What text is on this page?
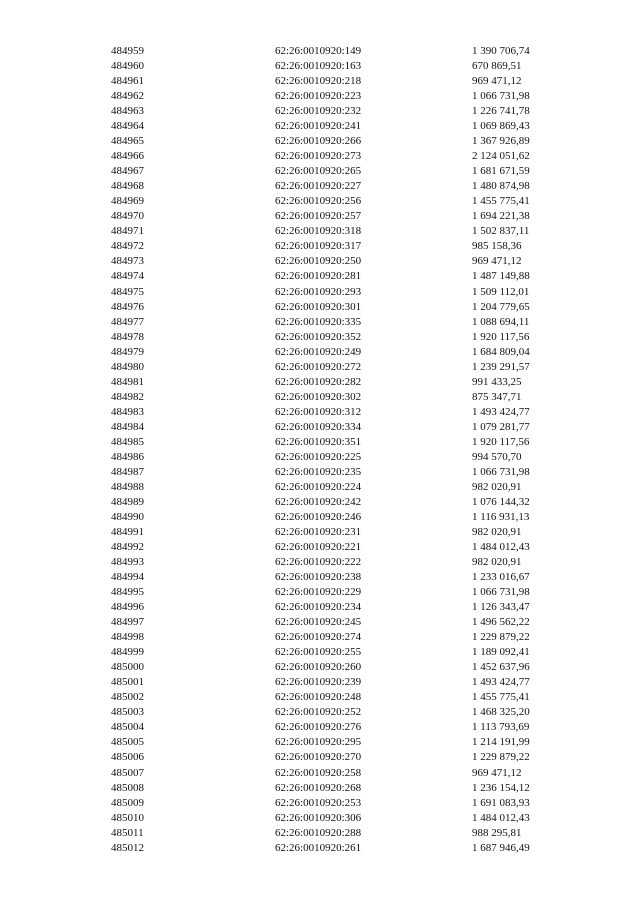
484959	62:26:0010920:149	1 390 706,74
484960	62:26:0010920:163	670 869,51
484961	62:26:0010920:218	969 471,12
484962	62:26:0010920:223	1 066 731,98
484963	62:26:0010920:232	1 226 741,78
484964	62:26:0010920:241	1 069 869,43
484965	62:26:0010920:266	1 367 926,89
484966	62:26:0010920:273	2 124 051,62
484967	62:26:0010920:265	1 681 671,59
484968	62:26:0010920:227	1 480 874,98
484969	62:26:0010920:256	1 455 775,41
484970	62:26:0010920:257	1 694 221,38
484971	62:26:0010920:318	1 502 837,11
484972	62:26:0010920:317	985 158,36
484973	62:26:0010920:250	969 471,12
484974	62:26:0010920:281	1 487 149,88
484975	62:26:0010920:293	1 509 112,01
484976	62:26:0010920:301	1 204 779,65
484977	62:26:0010920:335	1 088 694,11
484978	62:26:0010920:352	1 920 117,56
484979	62:26:0010920:249	1 684 809,04
484980	62:26:0010920:272	1 239 291,57
484981	62:26:0010920:282	991 433,25
484982	62:26:0010920:302	875 347,71
484983	62:26:0010920:312	1 493 424,77
484984	62:26:0010920:334	1 079 281,77
484985	62:26:0010920:351	1 920 117,56
484986	62:26:0010920:225	994 570,70
484987	62:26:0010920:235	1 066 731,98
484988	62:26:0010920:224	982 020,91
484989	62:26:0010920:242	1 076 144,32
484990	62:26:0010920:246	1 116 931,13
484991	62:26:0010920:231	982 020,91
484992	62:26:0010920:221	1 484 012,43
484993	62:26:0010920:222	982 020,91
484994	62:26:0010920:238	1 233 016,67
484995	62:26:0010920:229	1 066 731,98
484996	62:26:0010920:234	1 126 343,47
484997	62:26:0010920:245	1 496 562,22
484998	62:26:0010920:274	1 229 879,22
484999	62:26:0010920:255	1 189 092,41
485000	62:26:0010920:260	1 452 637,96
485001	62:26:0010920:239	1 493 424,77
485002	62:26:0010920:248	1 455 775,41
485003	62:26:0010920:252	1 468 325,20
485004	62:26:0010920:276	1 113 793,69
485005	62:26:0010920:295	1 214 191,99
485006	62:26:0010920:270	1 229 879,22
485007	62:26:0010920:258	969 471,12
485008	62:26:0010920:268	1 236 154,12
485009	62:26:0010920:253	1 691 083,93
485010	62:26:0010920:306	1 484 012,43
485011	62:26:0010920:288	988 295,81
485012	62:26:0010920:261	1 687 946,49
